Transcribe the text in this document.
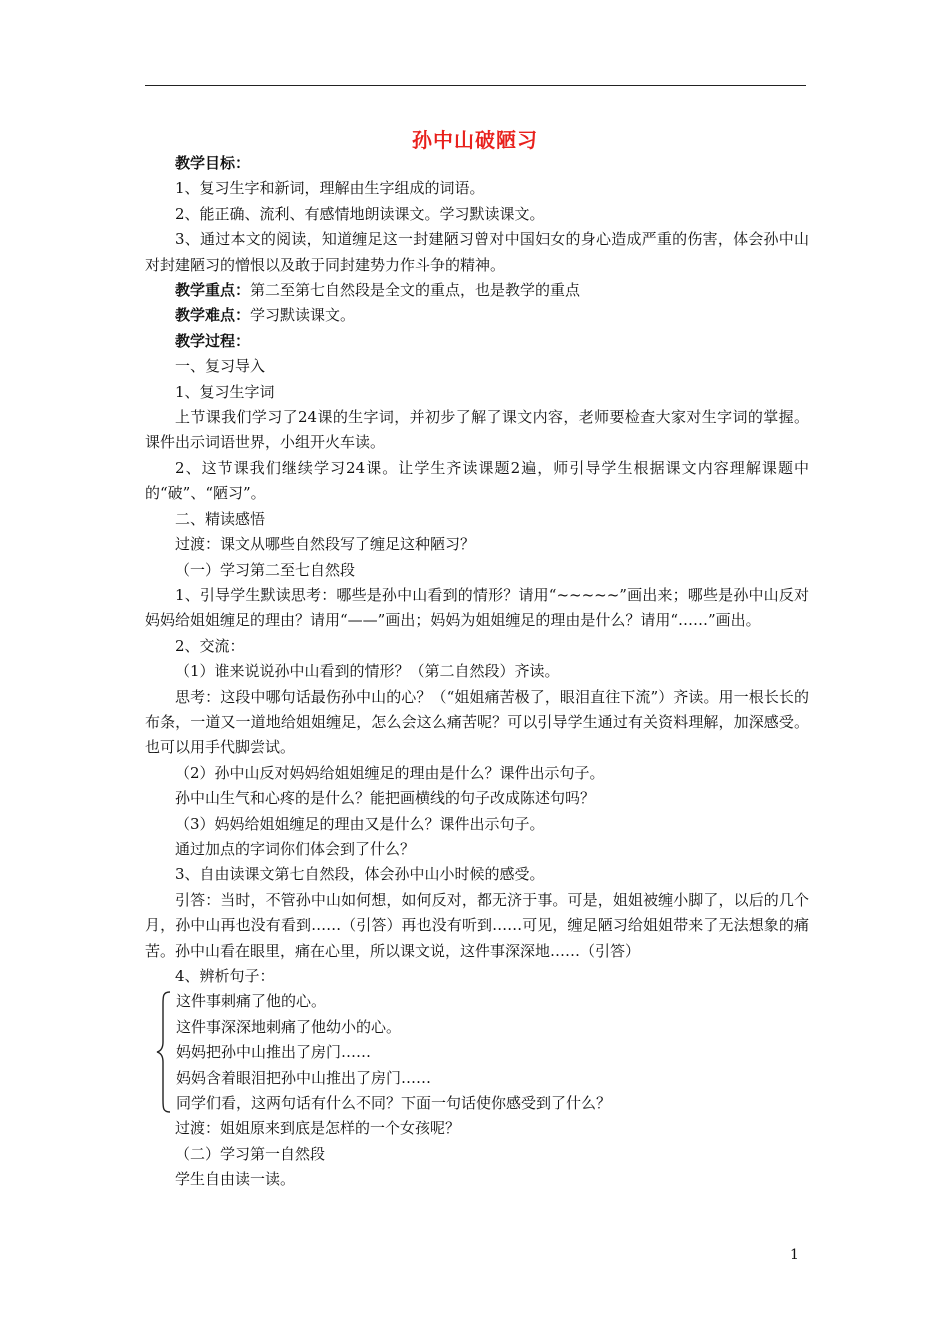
孙中山破陋习

教学目标：

1、复习生字和新词，理解由生字组成的词语。

2、能正确、流利、有感情地朗读课文。学习默读课文。

3、通过本文的阅读，知道缠足这一封建陋习曾对中国妇女的身心造成严重的伤害，体会孙中山对封建陋习的憎恨以及敢于同封建势力作斗争的精神。

教学重点：第二至第七自然段是全文的重点，也是教学的重点

教学难点：学习默读课文。

教学过程：

一、复习导入

1、复习生字词

上节课我们学习了24课的生字词，并初步了解了课文内容，老师要检查大家对生字词的掌握。课件出示词语世界，小组开火车读。

2、这节课我们继续学习24课。让学生齐读课题2遍，师引导学生根据课文内容理解课题中的“破”、“陋习”。

二、精读感悟

过渡：课文从哪些自然段写了缠足这种陋习？

（一）学习第二至七自然段

1、引导学生默读思考：哪些是孙中山看到的情形？请用“~~~~~”画出来；哪些是孙中山反对妈妈给姐姐缠足的理由？请用“——”画出；妈妈为姐姐缠足的理由是什么？请用“……”画出。

2、交流：

（1）谁来说说孙中山看到的情形？（第二自然段）齐读。

思考：这段中哪句话最伤孙中山的心？（“姐姐痛苦极了，眼泪直往下流”）齐读。用一根长长的布条，一道又一道地给姐姐缠足，怎么会这么痛苦呢？可以引导学生通过有关资料理解，加深感受。也可以用手代脚尝试。

（2）孙中山反对妈妈给姐姐缠足的理由是什么？课件出示句子。

孙中山生气和心疼的是什么？能把画横线的句子改成陈述句吗？

（3）妈妈给姐姐缠足的理由又是什么？课件出示句子。

通过加点的字词你们体会到了什么？

3、自由读课文第七自然段，体会孙中山小时候的感受。

引答：当时，不管孙中山如何想，如何反对，都无济于事。可是，姐姐被缠小脚了，以后的几个月，孙中山再也没有看到……（引答）再也没有听到……可见，缠足陋习给姐姐带来了无法想象的痛苦。孙中山看在眼里，痛在心里，所以课文说，这件事深深地……（引答）

4、辨析句子：

这件事刺痛了他的心。

这件事深深地刺痛了他幼小的心。

妈妈把孙中山推出了房门……

妈妈含着眼泪把孙中山推出了房门……

同学们看，这两句话有什么不同？下面一句话使你感受到了什么？

过渡：姐姐原来到底是怎样的一个女孩呢？

（二）学习第一自然段

学生自由读一读。

1
